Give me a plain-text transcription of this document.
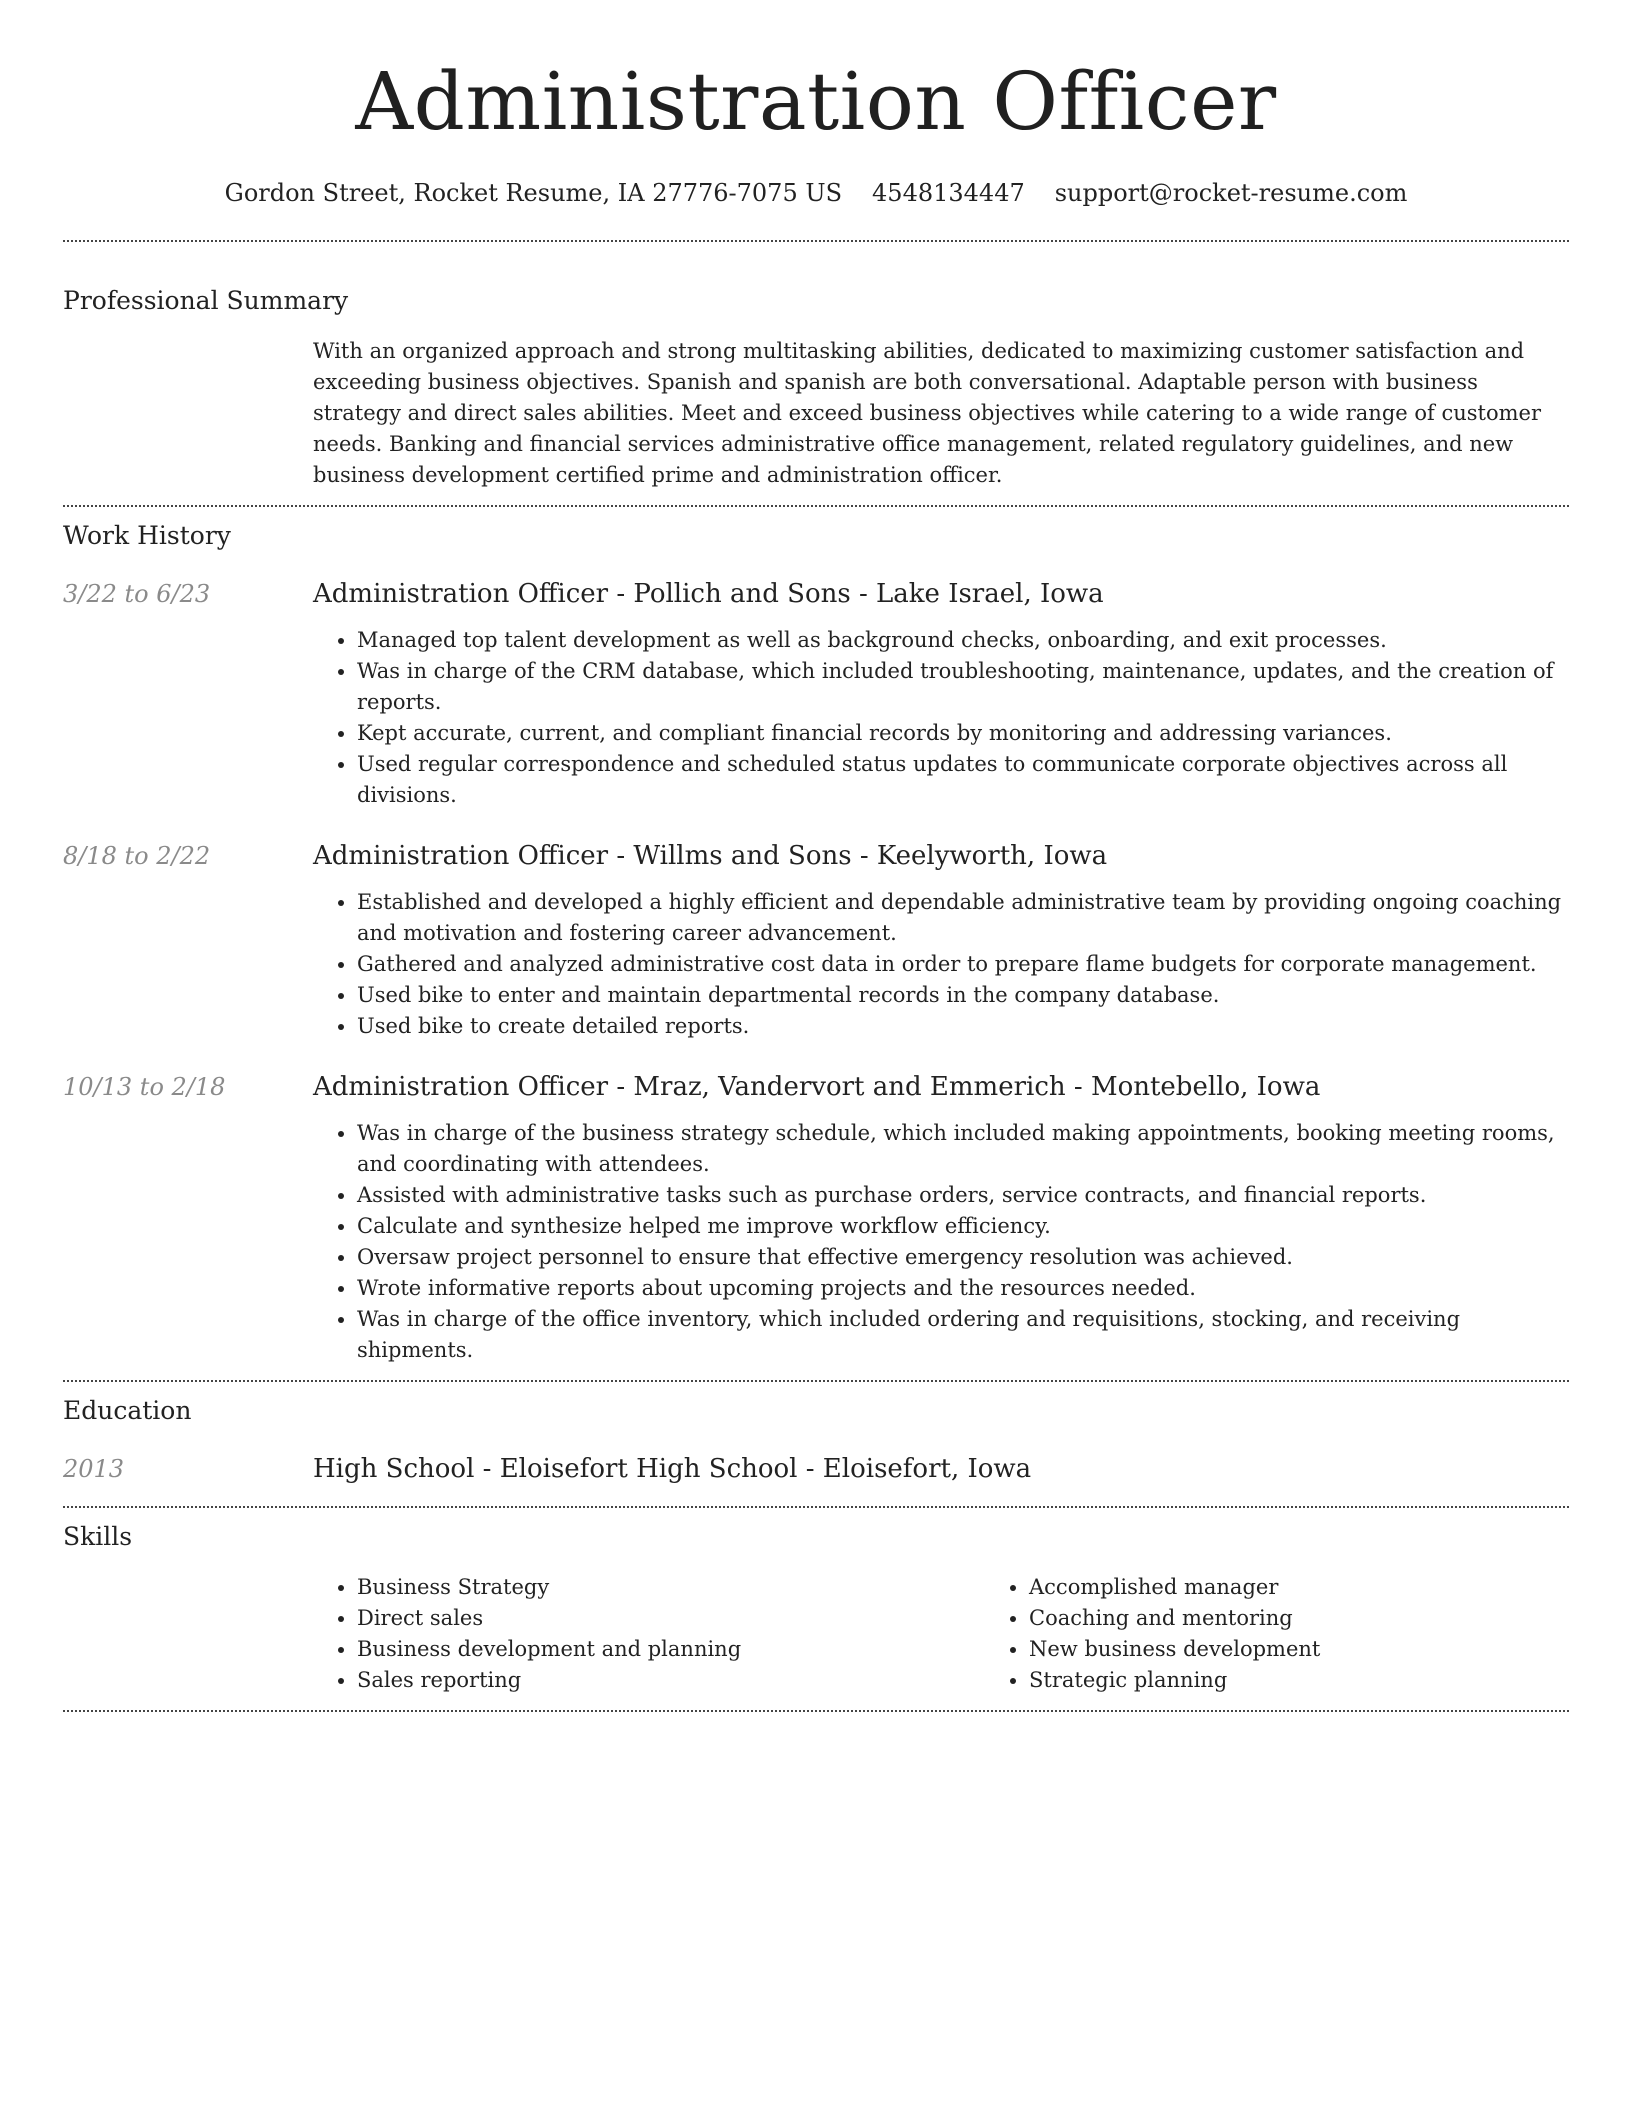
Administration Officer
Gordon Street, Rocket Resume, IA 27776-7075 US 4548134447 support@rocket-resume.com
Professional Summary

With an organized approach and strong multitasking abilities, dedicated to maximizing customer satisfaction and exceeding business objectives. Spanish and spanish are both conversational. Adaptable person with business strategy and direct sales abilities. Meet and exceed business objectives while catering to a wide range of customer needs. Banking and financial services administrative office management, related regulatory guidelines, and new business development certified prime and administration officer.

Work History
3/22 to 6/23	Administration Officer - Pollich and Sons - Lake Israel, Iowa
• Managed top talent development as well as background checks, onboarding, and exit processes.
• Was in charge of the CRM database, which included troubleshooting, maintenance, updates, and the creation of reports.
• Kept accurate, current, and compliant financial records by monitoring and addressing variances.
• Used regular correspondence and scheduled status updates to communicate corporate objectives across all divisions.
8/18 to 2/22	Administration Officer - Willms and Sons - Keelyworth, Iowa
• Established and developed a highly efficient and dependable administrative team by providing ongoing coaching and motivation and fostering career advancement.
• Gathered and analyzed administrative cost data in order to prepare flame budgets for corporate management.
• Used bike to enter and maintain departmental records in the company database.
• Used bike to create detailed reports.
10/13 to 2/18	Administration Officer - Mraz, Vandervort and Emmerich - Montebello, Iowa
• Was in charge of the business strategy schedule, which included making appointments, booking meeting rooms, and coordinating with attendees.
• Assisted with administrative tasks such as purchase orders, service contracts, and financial reports.
• Calculate and synthesize helped me improve workflow efficiency.
• Oversaw project personnel to ensure that effective emergency resolution was achieved.
• Wrote informative reports about upcoming projects and the resources needed.
• Was in charge of the office inventory, which included ordering and requisitions, stocking, and receiving shipments.
Education
2013	High School - Eloisefort High School - Eloisefort, Iowa
Skills
• Business Strategy
• Direct sales
• Business development and planning
• Sales reporting
• Accomplished manager
• Coaching and mentoring
• New business development
• Strategic planning
